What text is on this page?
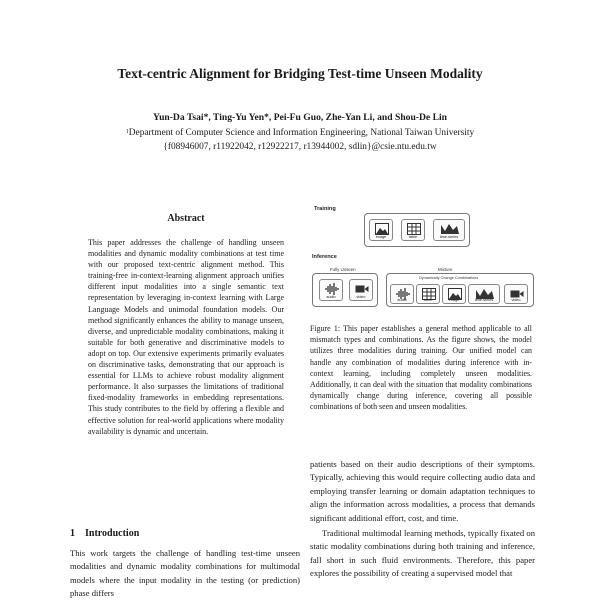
Text-centric Alignment for Bridging Test-time Unseen Modality
Yun-Da Tsai*, Ting-Yu Yen*, Pei-Fu Guo, Zhe-Yan Li, and Shou-De Lin
$^1$Department of Computer Science and Information Engineering, National Taiwan University
{f08946007, r11922042, r12922217, r13944002, sdlin}@csie.ntu.edu.tw
Abstract
This paper addresses the challenge of handling unseen modalities and dynamic modality combinations at test time with our proposed text-centric alignment method. This training-free in-context-learning alignment approach unifies different input modalities into a single semantic text representation by leveraging in-context learning with Large Language Models and unimodal foundation models. Our method significantly enhances the ability to manage unseen, diverse, and unpredictable modality combinations, making it suitable for both generative and discriminative models to adopt on top. Our extensive experiments primarily evaluates on discriminative tasks, demonstrating that our approach is essential for LLMs to achieve robust modality alignment performance. It also surpasses the limitations of traditional fixed-modality frameworks in embedding representations. This study contributes to the field by offering a flexible and effective solution for real-world applications where modality availability is dynamic and uncertain.
1 Introduction
This work targets the challenge of handling test-time unseen modalities and dynamic modality combinations for multimodal models where the input modality in the testing (or prediction) phase differs
Training
image	table	time-series
Inference
Fully Unseen	Mixture
audio	video
Dynamically Change Combinations
audio	table	image	time-series	video
Figure 1: This paper establishes a general method applicable to all mismatch types and combinations. As the figure shows, the model utilizes three modalities during training. Our unified model can handle any combination of modalities during inference with in-context learning, including completely unseen modalities. Additionally, it can deal with the situation that modality combinations dynamically change during inference, covering all possible combinations of both seen and unseen modalities.

patients based on their audio descriptions of their symptoms. Typically, achieving this would require collecting audio data and employing transfer learning or domain adaptation techniques to align the information across modalities, a process that demands significant additional effort, cost, and time.

Traditional multimodal learning methods, typically fixated on static modality combinations during both training and inference, fall short in such fluid environments. Therefore, this paper explores the possibility of creating a supervised model that
